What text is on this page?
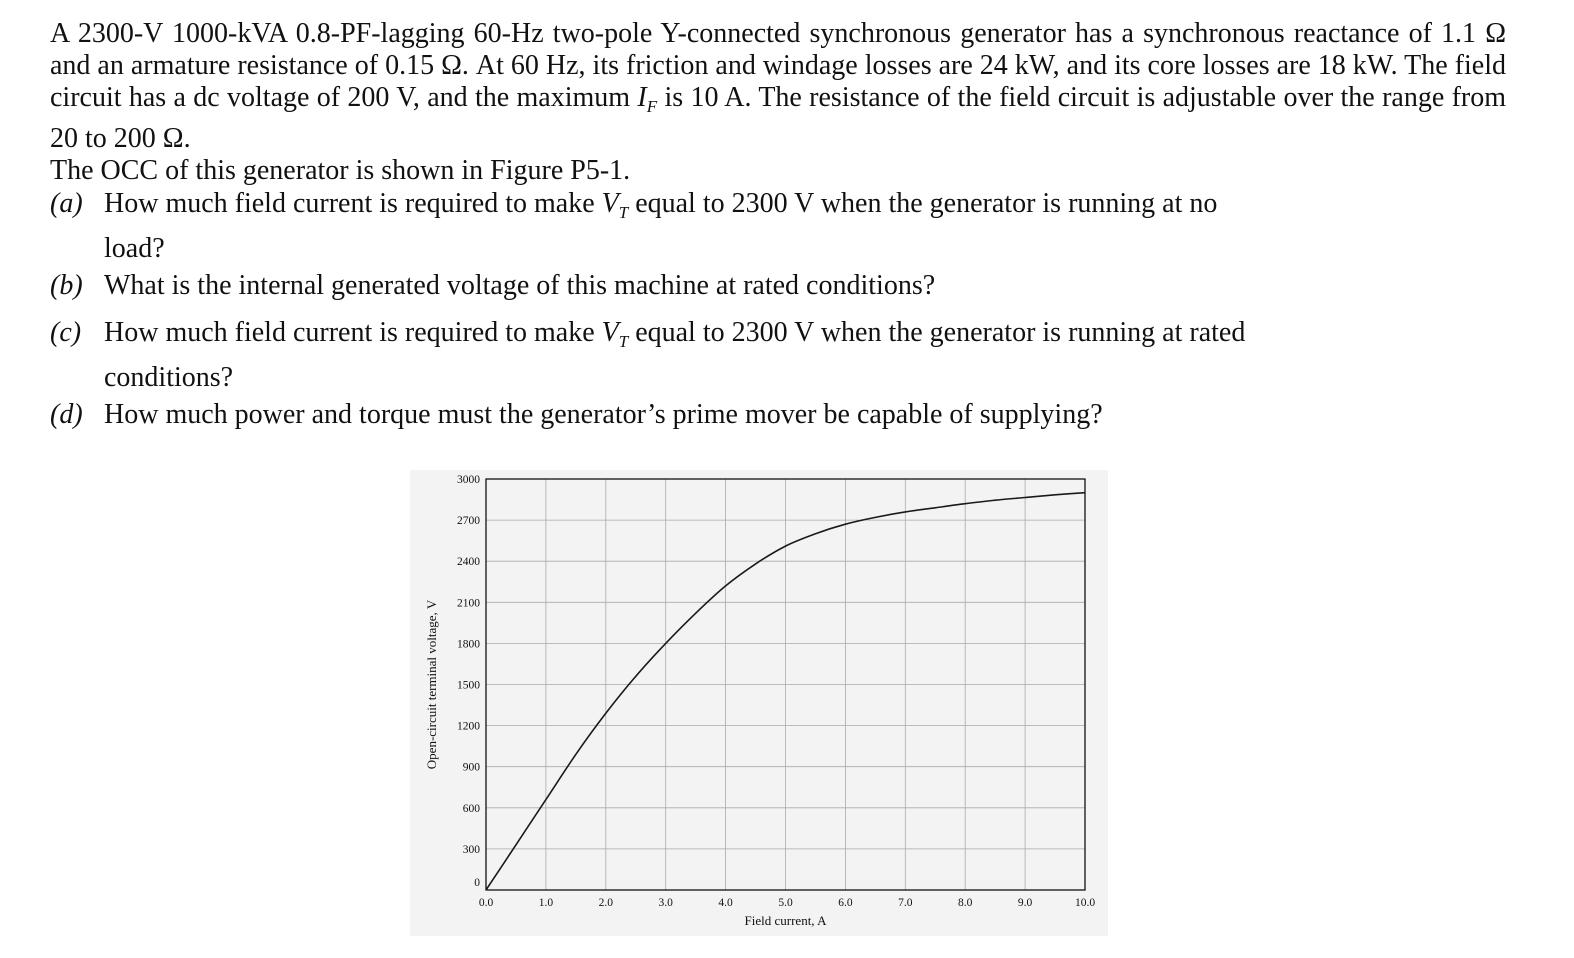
A 2300-V 1000-kVA 0.8-PF-lagging 60-Hz two-pole Y-connected synchronous generator has a synchronous reactance of 1.1 Ω and an armature resistance of 0.15 Ω. At 60 Hz, its friction and windage losses are 24 kW, and its core losses are 18 kW. The field circuit has a dc voltage of 200 V, and the maximum $I_F$ is 10 A. The resistance of the field circuit is adjustable over the range from 20 to 200 Ω.
The OCC of this generator is shown in Figure P5-1.
(a) How much field current is required to make $V_T$ equal to 2300 V when the generator is running at no
load?
(b) What is the internal generated voltage of this machine at rated conditions?
(c) How much field current is required to make $V_T$ equal to 2300 V when the generator is running at rated
conditions?
(d) How much power and torque must the generator’s prime mover be capable of supplying?
0.0	1.0	2.0	3.0	4.0	5.0	6.0	7.0	8.0	9.0	10.0
0
300
600
900
1200
1500
1800
2100
2400
2700
3000
Field current, A
Open-circuit terminal voltage, V
